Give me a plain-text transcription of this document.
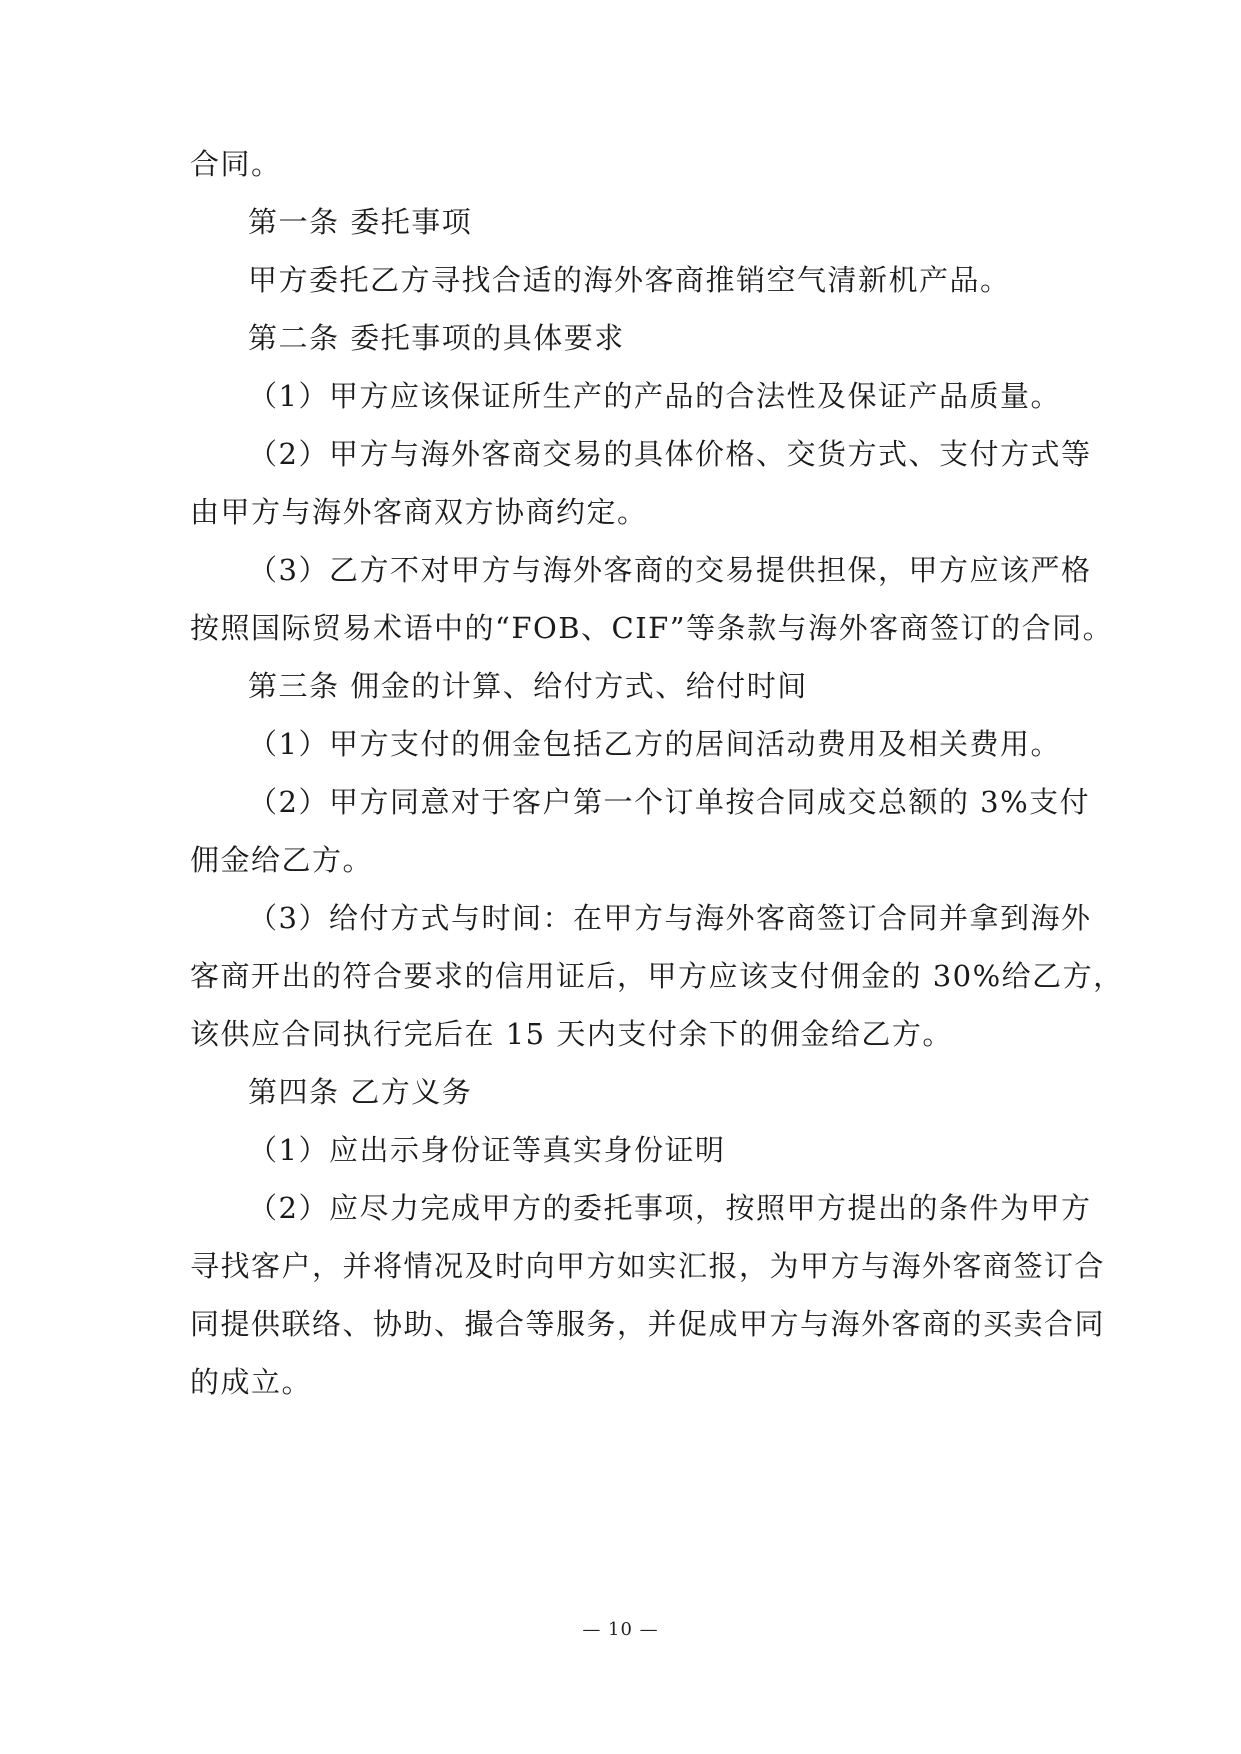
合同。
第一条 委托事项
甲方委托乙方寻找合适的海外客商推销空气清新机产品。
第二条 委托事项的具体要求
（1）甲方应该保证所生产的产品的合法性及保证产品质量。
（2）甲方与海外客商交易的具体价格、交货方式、支付方式等
由甲方与海外客商双方协商约定。
（3）乙方不对甲方与海外客商的交易提供担保，甲方应该严格
按照国际贸易术语中的“FOB、CIF”等条款与海外客商签订的合同。
第三条 佣金的计算、给付方式、给付时间
（1）甲方支付的佣金包括乙方的居间活动费用及相关费用。
（2）甲方同意对于客户第一个订单按合同成交总额的 3%支付
佣金给乙方。
（3）给付方式与时间：在甲方与海外客商签订合同并拿到海外
客商开出的符合要求的信用证后，甲方应该支付佣金的 30%给乙方，
该供应合同执行完后在 15 天内支付余下的佣金给乙方。
第四条 乙方义务
（1）应出示身份证等真实身份证明
（2）应尽力完成甲方的委托事项，按照甲方提出的条件为甲方
寻找客户，并将情况及时向甲方如实汇报，为甲方与海外客商签订合
同提供联络、协助、撮合等服务，并促成甲方与海外客商的买卖合同
的成立。
— 10 —
